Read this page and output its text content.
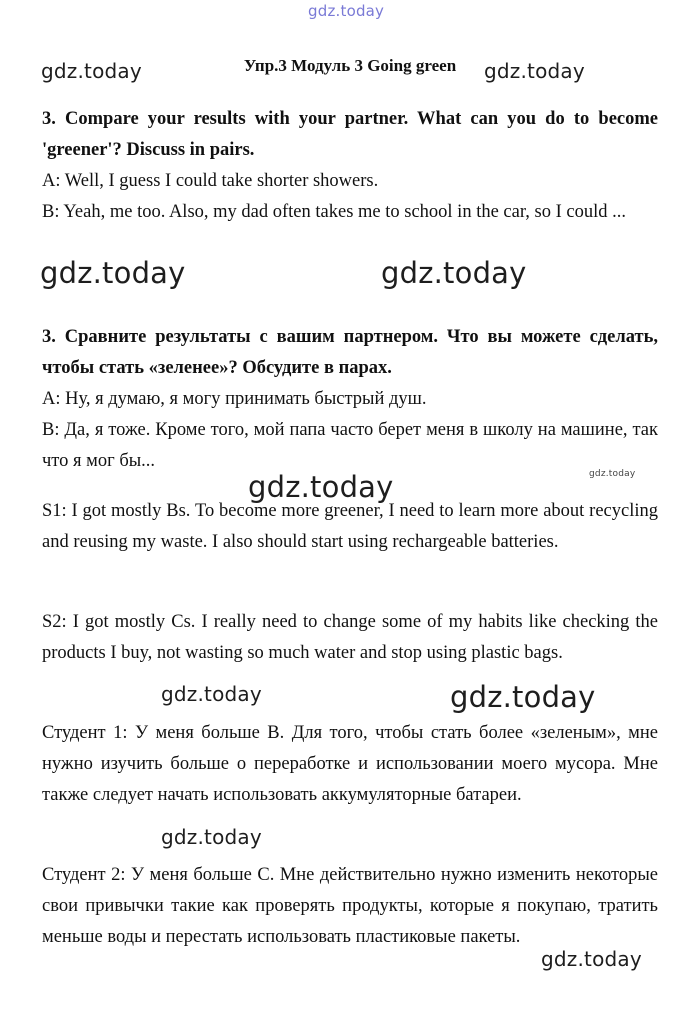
gdz.today
gdz.today	Упр.3 Модуль 3 Going green	gdz.today

3. Compare your results with your partner. What can you do to become 'greener'? Discuss in pairs.

A: Well, I guess I could take shorter showers.

B: Yeah, me too. Also, my dad often takes me to school in the car, so I could ...

gdz.today	gdz.today

3. Сравните результаты с вашим партнером. Что вы можете сделать, чтобы стать «зеленее»? Обсудите в парах.

А: Ну, я думаю, я могу принимать быстрый душ.

В: Да, я тоже. Кроме того, мой папа часто берет меня в школу на машине, так что я мог бы...

gdz.today

S1: I got mostly Bs. To become more greener, I need to learn more about recycling and reusing my waste. I also should start using rechargeable batteries.

gdz.today

S2: I got mostly Cs. I really need to change some of my habits like checking the products I buy, not wasting so much water and stop using plastic bags.

gdz.today	gdz.today

Студент 1: У меня больше В. Для того, чтобы стать более «зеленым», мне нужно изучить больше о переработке и использовании моего мусора. Мне также следует начать использовать аккумуляторные батареи.

gdz.today

Студент 2: У меня больше С. Мне действительно нужно изменить некоторые свои привычки такие как проверять продукты, которые я покупаю, тратить меньше воды и перестать использовать пластиковые пакеты.

gdz.today
